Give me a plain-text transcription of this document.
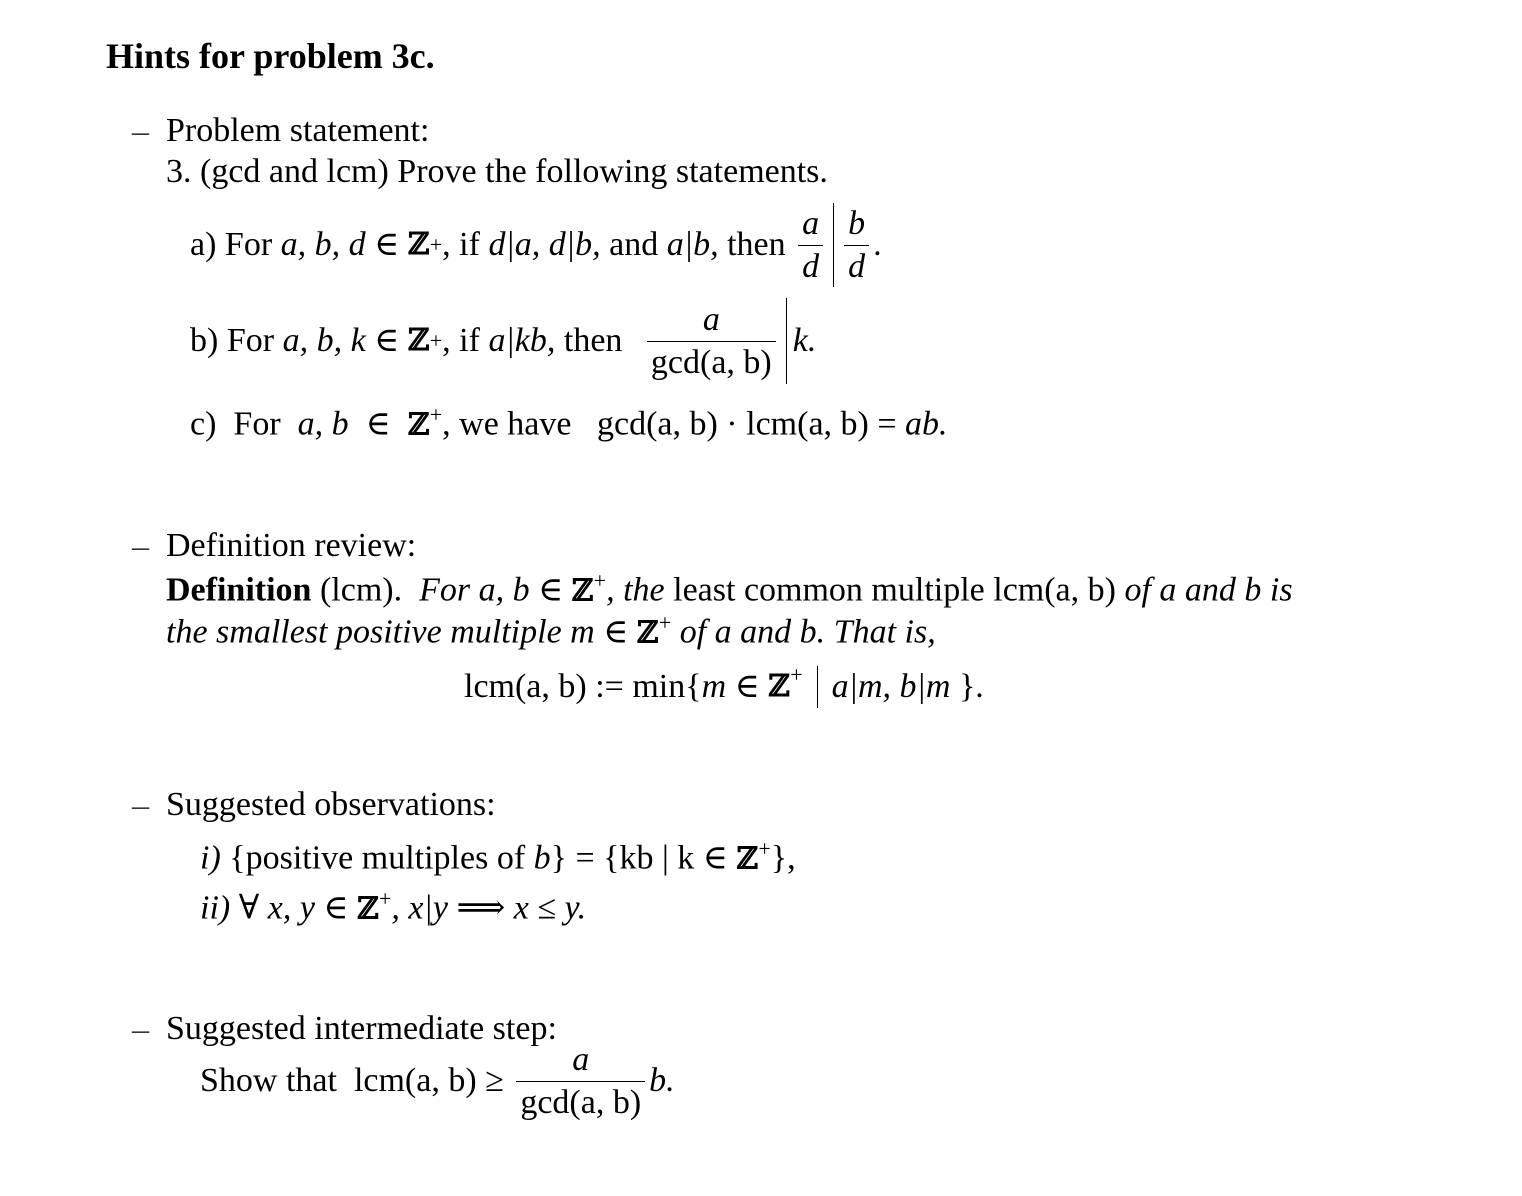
Hints for problem 3c.
– Problem statement:
3. (gcd and lcm) Prove the following statements.
a)
For
a, b, d
∈
ℤ + , if
d|a, d|b,
and
a|b,
then
$\frac{a}{d} \frac{b}{d}$ .
b)
For
a, b, k
∈
ℤ + , if
a|kb,
then
$\frac{a}{\gcd(a, b)} k$.
c) For a, b ∈ ℤ+, we have gcd(a, b) · lcm(a, b) = ab.
– Definition review:
Definition (lcm). For a, b ∈ ℤ+, the least common multiple lcm(a, b) of a and b is
the smallest positive multiple m ∈ ℤ+ of a and b. That is,
lcm(a, b) := min{ m
∈
ℤ+ a|m, b|m
}.
– Suggested observations:
i) {positive multiples of b} = {kb | k ∈ ℤ+},
ii) ∀ x, y ∈ ℤ+, x|y ⟹ x ≤ y.
– Suggested intermediate step:
Show that
lcm(a, b) ≥
$\frac{a}{\gcd(a, b)} b$.
